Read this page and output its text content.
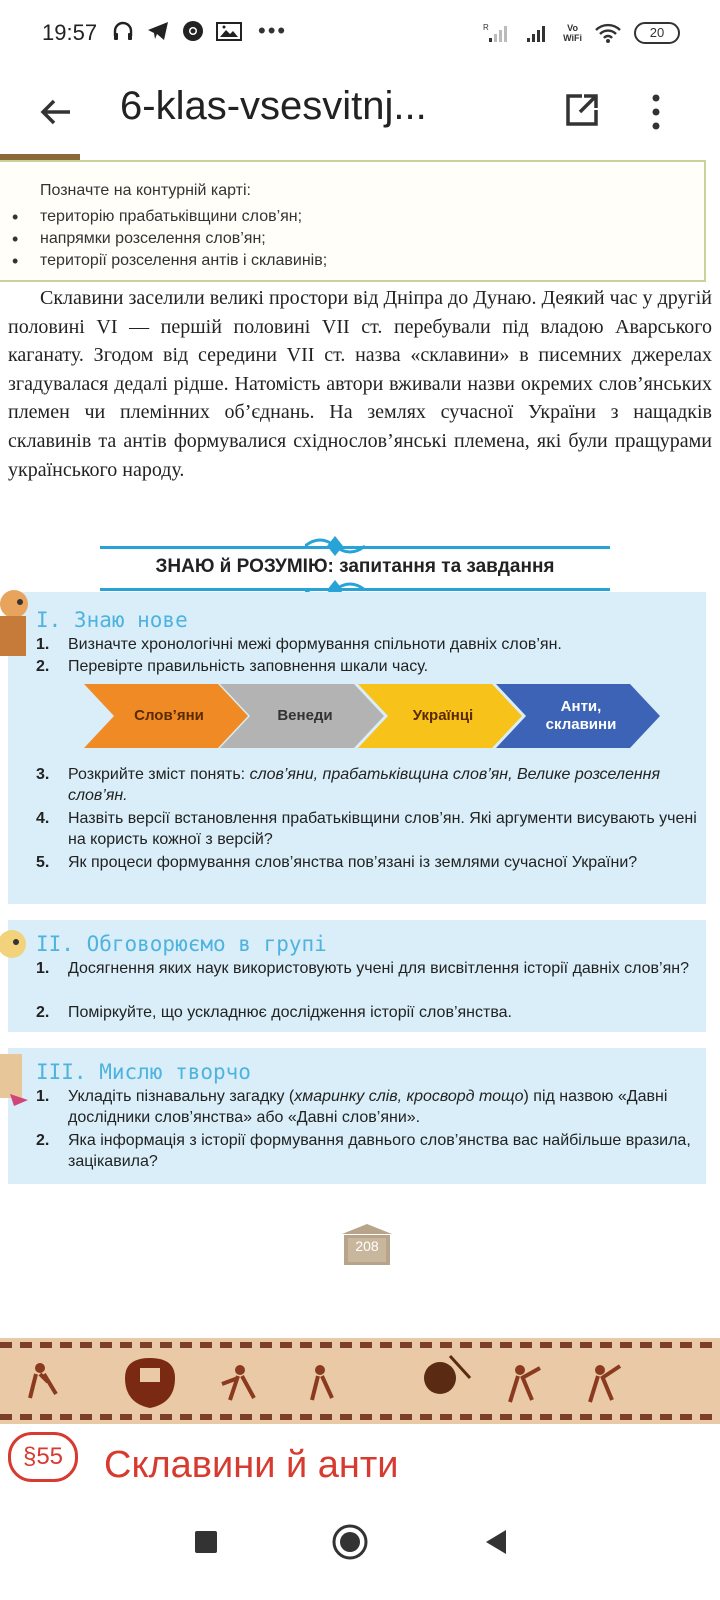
19:57	•••	R	Vo
WiFi	20
6-klas-vsesvitnj...
Позначте на контурній карті:
• територію прабатьківщини слов’ян;
• напрямки розселення слов’ян;
• території розселення антів і склавинів;

Склавини заселили великі простори від Дніпра до Дунаю. Деякий час у другій половині VI — першій половині VII ст. перебували під владою Аварського каганату. Згодом від середини VII ст. назва «склавини» в писемних джерелах згадувалася дедалі рідше. Натомість автори вживали назви окремих слов’янських племен чи племінних об’єднань. На землях сучасної України з нащадків склавинів та антів формувалися східнослов’янські племена, які були пращурами українського народу.

ЗНАЮ й РОЗУМІЮ: запитання та завдання
I. Знаю нове
1.	Визначте хронологічні межі формування спільноти давніх слов’ян.
2.	Перевірте правильність заповнення шкали часу.
3.	Розкрийте зміст понять: слов’яни, прабатьківщина слов’ян, Велике розселення слов’ян.
4.	Назвіть версії встановлення прабатьківщини слов’ян. Які аргументи висувають учені на користь кожної з версій?
5.	Як процеси формування слов’янства пов’язані із землями сучасної України?
Слов’яни	Венеди	Українці
Анти,
склавини
II. Обговорюємо в групі
1.	Досягнення яких наук використовують учені для висвітлення історії давніх слов’ян?
2.	Поміркуйте, що ускладнює дослідження історії слов’янства.
III. Мислю творчо
1.	Укладіть пізнавальну загадку (хмаринку слів, кросворд тощо) під назвою «Давні дослідники слов’янства» або «Давні слов’яни».
2.	Яка інформація з історії формування давнього слов’янства вас найбільше вразила, зацікавила?
208
§55	Склавини й анти
